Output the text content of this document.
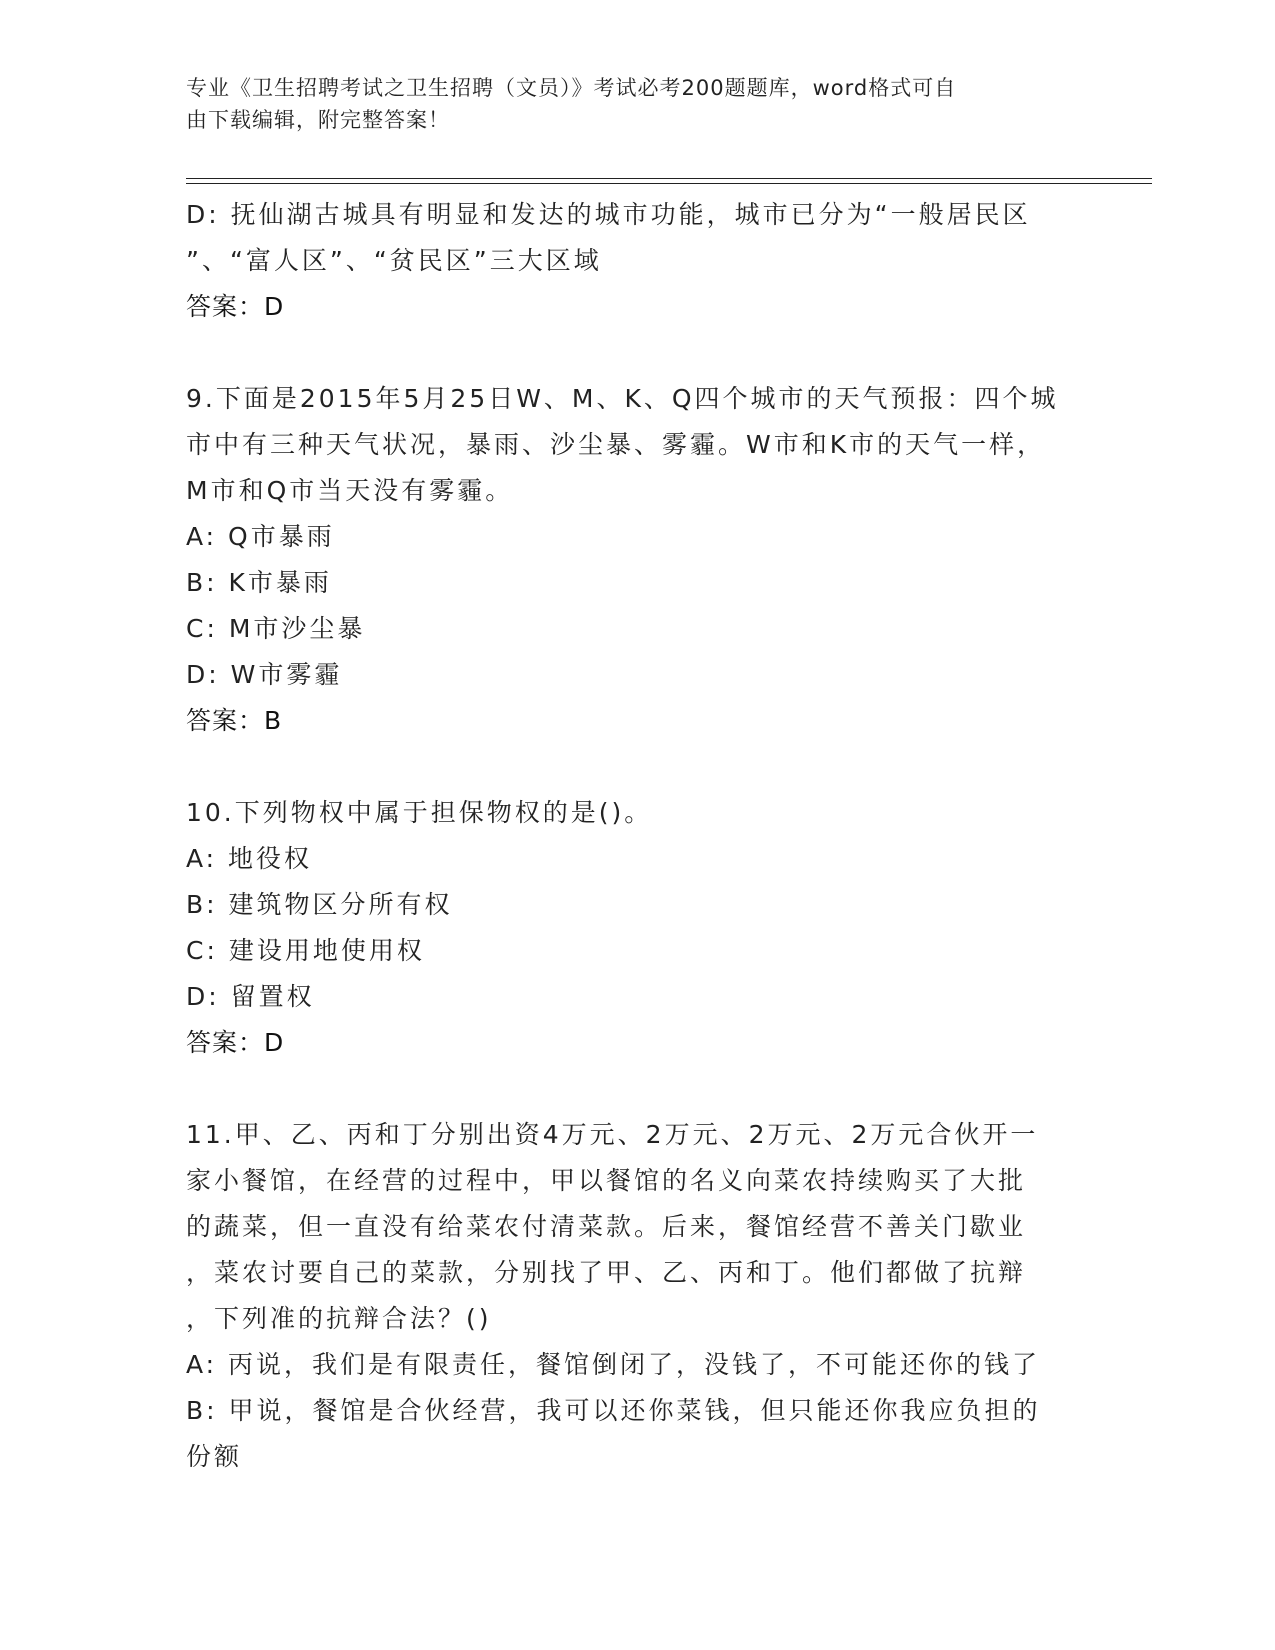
专业《卫生招聘考试之卫生招聘（文员）》考试必考200题题库，word格式可自
由下载编辑，附完整答案！
D: 抚仙湖古城具有明显和发达的城市功能，城市已分为“一般居民区
”、“富人区”、“贫民区”三大区域
答案：D
9.下面是2015年5月25日W、M、K、Q四个城市的天气预报：四个城
市中有三种天气状况，暴雨、沙尘暴、雾霾。W市和K市的天气一样，
M市和Q市当天没有雾霾。
A: Q市暴雨
B: K市暴雨
C: M市沙尘暴
D: W市雾霾
答案：B
10.下列物权中属于担保物权的是()。
A: 地役权
B: 建筑物区分所有权
C: 建设用地使用权
D: 留置权
答案：D
11.甲、乙、丙和丁分别出资4万元、2万元、2万元、2万元合伙开一
家小餐馆，在经营的过程中，甲以餐馆的名义向菜农持续购买了大批
的蔬菜，但一直没有给菜农付清菜款。后来，餐馆经营不善关门歇业
，菜农讨要自己的菜款，分别找了甲、乙、丙和丁。他们都做了抗辩
，下列准的抗辩合法？()
A: 丙说，我们是有限责任，餐馆倒闭了，没钱了，不可能还你的钱了
B: 甲说，餐馆是合伙经营，我可以还你菜钱，但只能还你我应负担的
份额
